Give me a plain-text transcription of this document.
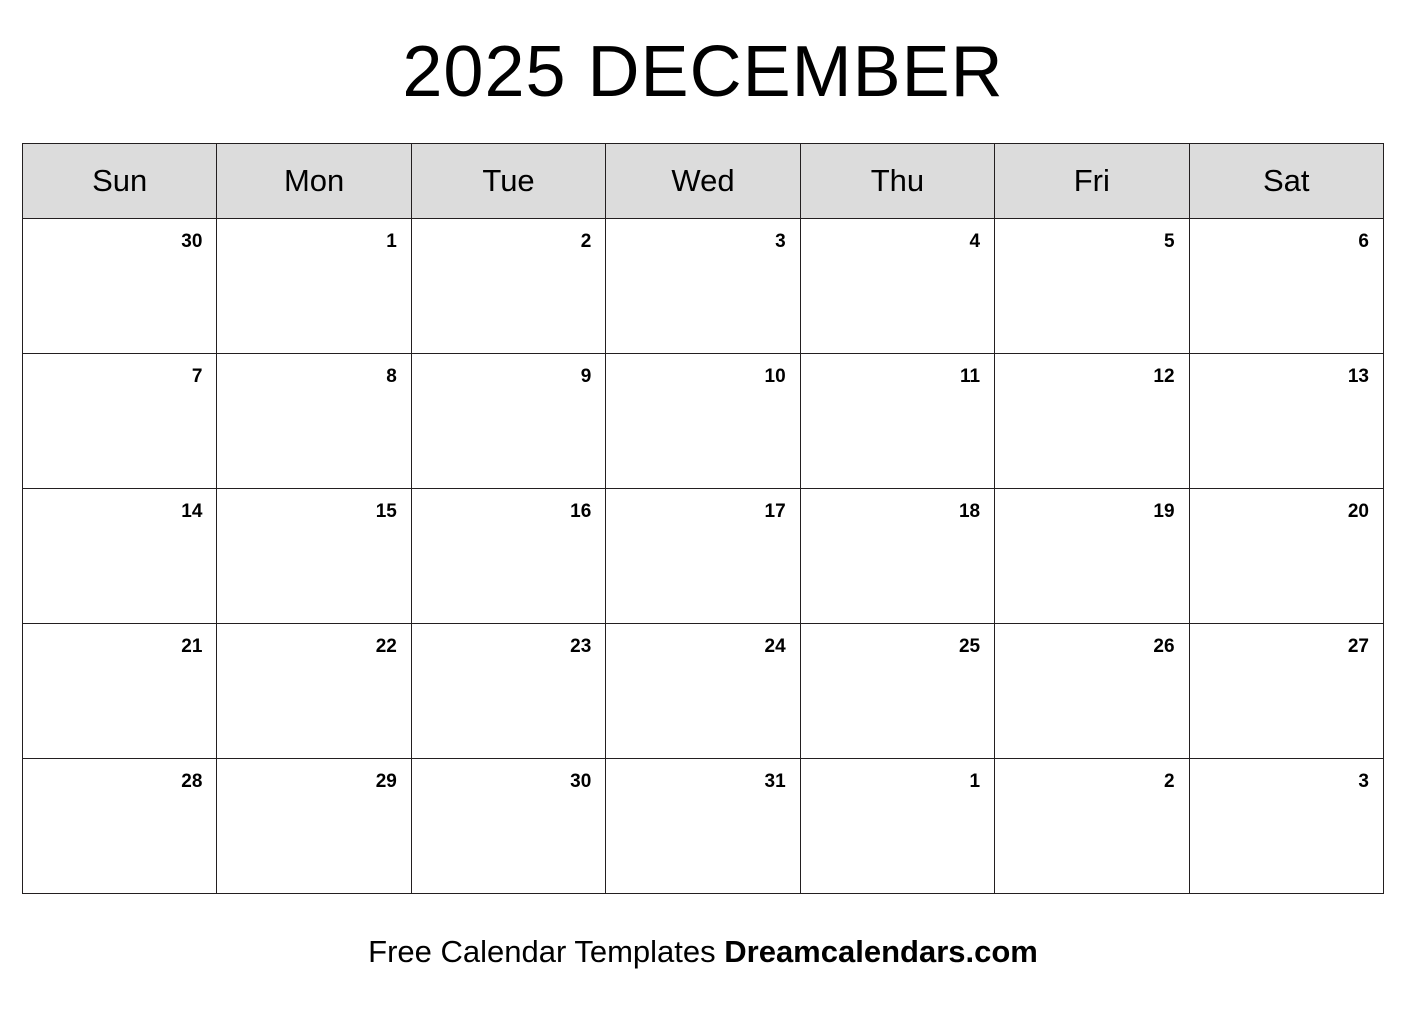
2025 DECEMBER
Sun	Mon	Tue	Wed	Thu	Fri	Sat

30	1	2	3	4	5	6

7	8	9	10	11	12	13

14	15	16	17	18	19	20

21	22	23	24	25	26	27

28	29	30	31	1	2	3
Free Calendar Templates Dreamcalendars.com
